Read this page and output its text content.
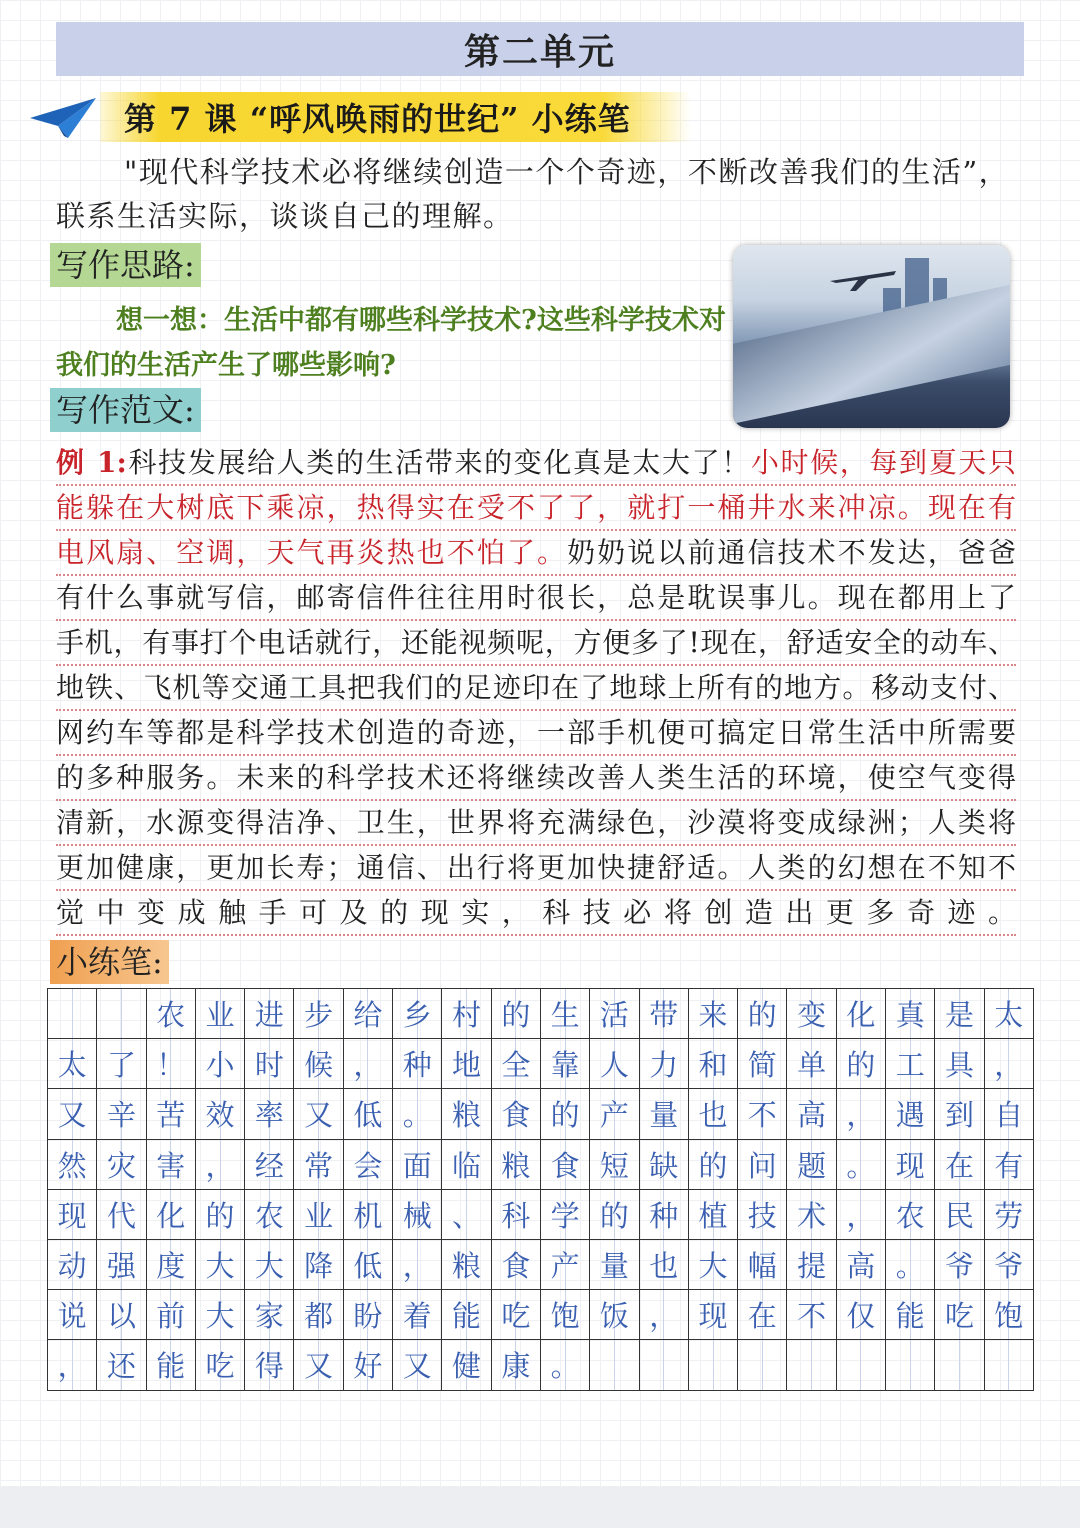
第二单元
第 7 课 “呼风唤雨的世纪” 小练笔
"现代科学技术必将继续创造一个个奇迹，不断改善我们的生活”，联系生活实际，谈谈自己的理解。
写作思路:
想一想：生活中都有哪些科学技术?这些科学技术对我们的生活产生了哪些影响?
写作范文:
例 1:科技发展给人类的生活带来的变化真是太大了！小时候，每到夏天只
能躲在大树底下乘凉，热得实在受不了了，就打一桶井水来冲凉。现在有
电风扇、空调，天气再炎热也不怕了。奶奶说以前通信技术不发达，爸爸
有什么事就写信，邮寄信件往往用时很长，总是耽误事儿。现在都用上了
手机，有事打个电话就行，还能视频呢，方便多了!现在，舒适安全的动车、
地铁、飞机等交通工具把我们的足迹印在了地球上所有的地方。移动支付、
网约车等都是科学技术创造的奇迹，一部手机便可搞定日常生活中所需要
的多种服务。未来的科学技术还将继续改善人类生活的环境，使空气变得
清新，水源变得洁净、卫生，世界将充满绿色，沙漠将变成绿洲；人类将
更加健康，更加长寿；通信、出行将更加快捷舒适。人类的幻想在不知不
觉中变成触手可及的现实，科技必将创造出更多奇迹。
小练笔:
		农	业	进	步	给	乡	村	的	生	活	带	来	的	变	化	真	是	太
太	了	！	小	时	候	，	种	地	全	靠	人	力	和	简	单	的	工	具	，
又	辛	苦	效	率	又	低	。	粮	食	的	产	量	也	不	高	，	遇	到	自
然	灾	害	，	经	常	会	面	临	粮	食	短	缺	的	问	题	。	现	在	有
现	代	化	的	农	业	机	械	、	科	学	的	种	植	技	术	，	农	民	劳
动	强	度	大	大	降	低	，	粮	食	产	量	也	大	幅	提	高	。	爷	爷
说	以	前	大	家	都	盼	着	能	吃	饱	饭	，	现	在	不	仅	能	吃	饱
，	还	能	吃	得	又	好	又	健	康	。									
